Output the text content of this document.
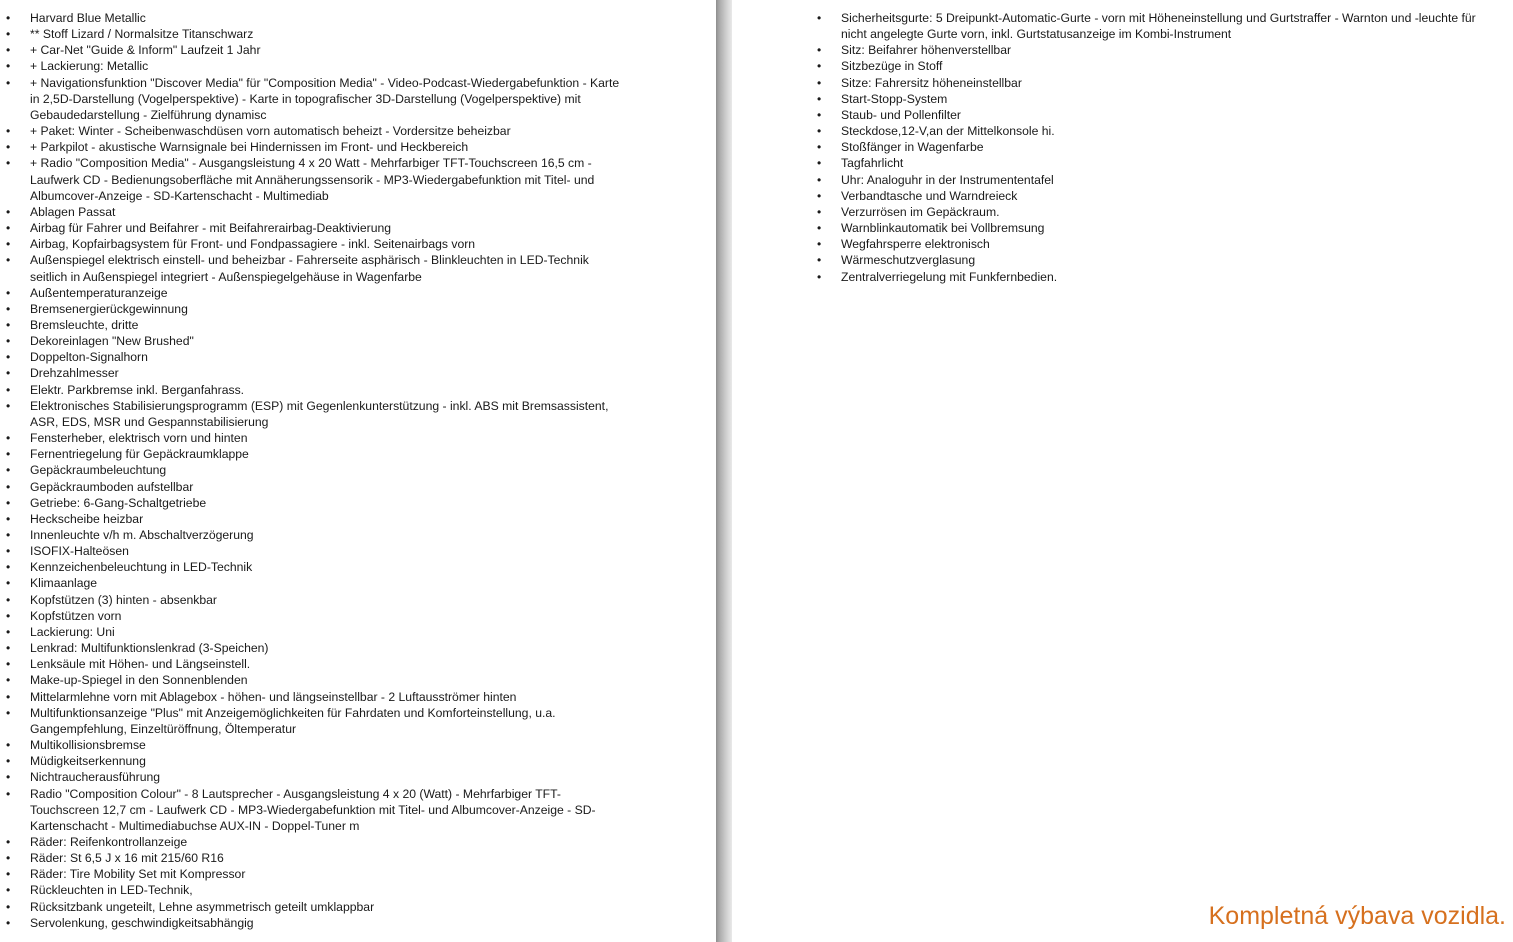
• Harvard Blue Metallic
• ** Stoff Lizard / Normalsitze Titanschwarz
• + Car-Net "Guide & Inform" Laufzeit 1 Jahr
• + Lackierung: Metallic
• + Navigationsfunktion "Discover Media" für "Composition Media" - Video-Podcast-Wiedergabefunktion - Karte in 2,5D-Darstellung (Vogelperspektive) - Karte in topografischer 3D-Darstellung (Vogelperspektive) mit Gebaudedarstellung - Zielführung dynamisc
• + Paket: Winter - Scheibenwaschdüsen vorn automatisch beheizt - Vordersitze beheizbar
• + Parkpilot - akustische Warnsignale bei Hindernissen im Front- und Heckbereich
• + Radio "Composition Media" - Ausgangsleistung 4 x 20 Watt - Mehrfarbiger TFT-Touchscreen 16,5 cm - Laufwerk CD - Bedienungsoberfläche mit Annäherungssensorik - MP3-Wiedergabefunktion mit Titel- und Albumcover-Anzeige - SD-Kartenschacht - Multimediab
• Ablagen Passat
• Airbag für Fahrer und Beifahrer - mit Beifahrerairbag-Deaktivierung
• Airbag, Kopfairbagsystem für Front- und Fondpassagiere - inkl. Seitenairbags vorn
• Außenspiegel elektrisch einstell- und beheizbar - Fahrerseite asphärisch - Blinkleuchten in LED-Technik seitlich in Außenspiegel integriert - Außenspiegelgehäuse in Wagenfarbe
• Außentemperaturanzeige
• Bremsenergierückgewinnung
• Bremsleuchte, dritte
• Dekoreinlagen "New Brushed"
• Doppelton-Signalhorn
• Drehzahlmesser
• Elektr. Parkbremse inkl. Berganfahrass.
• Elektronisches Stabilisierungsprogramm (ESP) mit Gegenlenkunterstützung - inkl. ABS mit Bremsassistent, ASR, EDS, MSR und Gespannstabilisierung
• Fensterheber, elektrisch vorn und hinten
• Fernentriegelung für Gepäckraumklappe
• Gepäckraumbeleuchtung
• Gepäckraumboden aufstellbar
• Getriebe: 6-Gang-Schaltgetriebe
• Heckscheibe heizbar
• Innenleuchte v/h m. Abschaltverzögerung
• ISOFIX-Halteösen
• Kennzeichenbeleuchtung in LED-Technik
• Klimaanlage
• Kopfstützen (3) hinten - absenkbar
• Kopfstützen vorn
• Lackierung: Uni
• Lenkrad: Multifunktionslenkrad (3-Speichen)
• Lenksäule mit Höhen- und Längseinstell.
• Make-up-Spiegel in den Sonnenblenden
• Mittelarmlehne vorn mit Ablagebox - höhen- und längseinstellbar - 2 Luftausströmer hinten
• Multifunktionsanzeige "Plus" mit Anzeigemöglichkeiten für Fahrdaten und Komforteinstellung, u.a. Gangempfehlung, Einzeltüröffnung, Öltemperatur
• Multikollisionsbremse
• Müdigkeitserkennung
• Nichtraucherausführung
• Radio "Composition Colour" - 8 Lautsprecher - Ausgangsleistung 4 x 20 (Watt) - Mehrfarbiger TFT-Touchscreen 12,7 cm - Laufwerk CD - MP3-Wiedergabefunktion mit Titel- und Albumcover-Anzeige - SD-Kartenschacht - Multimediabuchse AUX-IN - Doppel-Tuner m
• Räder: Reifenkontrollanzeige
• Räder: St 6,5 J x 16 mit 215/60 R16
• Räder: Tire Mobility Set mit Kompressor
• Rückleuchten in LED-Technik,
• Rücksitzbank ungeteilt, Lehne asymmetrisch geteilt umklappbar
• Servolenkung, geschwindigkeitsabhängig
• Sicherheitsgurte: 5 Dreipunkt-Automatic-Gurte - vorn mit Höheneinstellung und Gurtstraffer - Warnton und -leuchte für nicht angelegte Gurte vorn, inkl. Gurtstatusanzeige im Kombi-Instrument
• Sitz: Beifahrer höhenverstellbar
• Sitzbezüge in Stoff
• Sitze: Fahrersitz höheneinstellbar
• Start-Stopp-System
• Staub- und Pollenfilter
• Steckdose,12-V,an der Mittelkonsole hi.
• Stoßfänger in Wagenfarbe
• Tagfahrlicht
• Uhr: Analoguhr in der Instrumententafel
• Verbandtasche und Warndreieck
• Verzurrösen im Gepäckraum.
• Warnblinkautomatik bei Vollbremsung
• Wegfahrsperre elektronisch
• Wärmeschutzverglasung
• Zentralverriegelung mit Funkfernbedien.
Kompletná výbava vozidla.
